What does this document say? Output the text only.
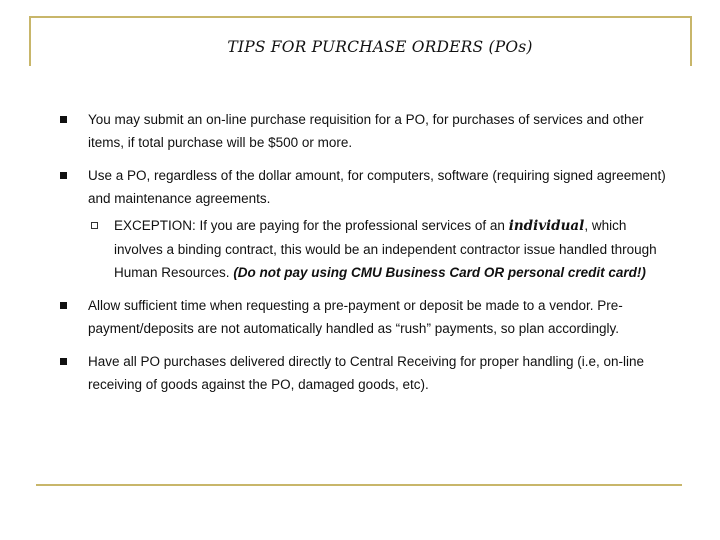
TIPS FOR PURCHASE ORDERS (POs)
You may submit an on-line purchase requisition for a PO, for purchases of services and other items, if total purchase will be $500 or more.
Use a PO, regardless of the dollar amount, for computers, software (requiring signed agreement) and maintenance agreements.
EXCEPTION: If you are paying for the professional services of an individual, which involves a binding contract, this would be an independent contractor issue handled through Human Resources. (Do not pay using CMU Business Card OR personal credit card!)
Allow sufficient time when requesting a pre-payment or deposit be made to a vendor. Pre-payment/deposits are not automatically handled as “rush” payments, so plan accordingly.
Have all PO purchases delivered directly to Central Receiving for proper handling (i.e, on-line receiving of goods against the PO, damaged goods, etc).
